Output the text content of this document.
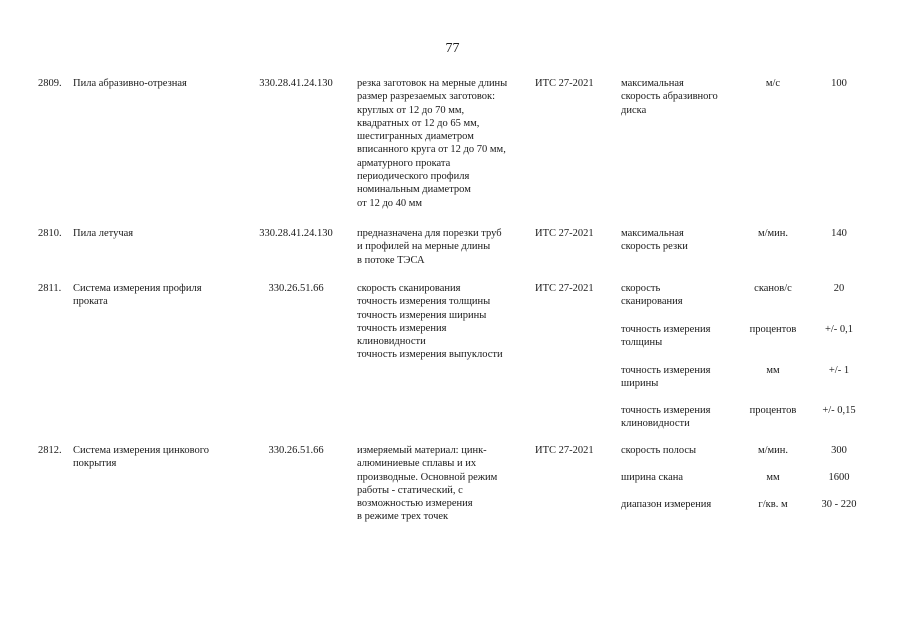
77
2809.	Пила абразивно-отрезная	330.28.41.24.130	резка заготовок на мерные длины
размер разрезаемых заготовок:
круглых от 12 до 70 мм,
квадратных от 12 до 65 мм,
шестигранных диаметром
вписанного круга от 12 до 70 мм,
арматурного проката
периодического профиля
номинальным диаметром
от 12 до 40 мм
ИТС 27-2021	максимальная
скорость абразивного
диска
м/с	100
2810.	Пила летучая	330.28.41.24.130	предназначена для порезки труб
и профилей на мерные длины
в потоке ТЭСА
ИТС 27-2021	максимальная
скорость резки
м/мин.	140
2811.	Система измерения профиля
проката
330.26.51.66	скорость сканирования
точность измерения толщины
точность измерения ширины
точность измерения
клиновидности
точность измерения выпуклости
ИТС 27-2021	скорость
сканирования
сканов/с	20
точность измерения
толщины
процентов	+/- 0,1
точность измерения
ширины
мм	+/- 1
точность измерения
клиновидности
процентов	+/- 0,15
2812.	Система измерения цинкового
покрытия
330.26.51.66	измеряемый материал: цинк-
алюминиевые сплавы и их
производные. Основной режим
работы - статический, с
возможностью измерения
в режиме трех точек
ИТС 27-2021	скорость полосы	м/мин.	300
ширина скана	мм	1600
диапазон измерения	г/кв. м	30 - 220
